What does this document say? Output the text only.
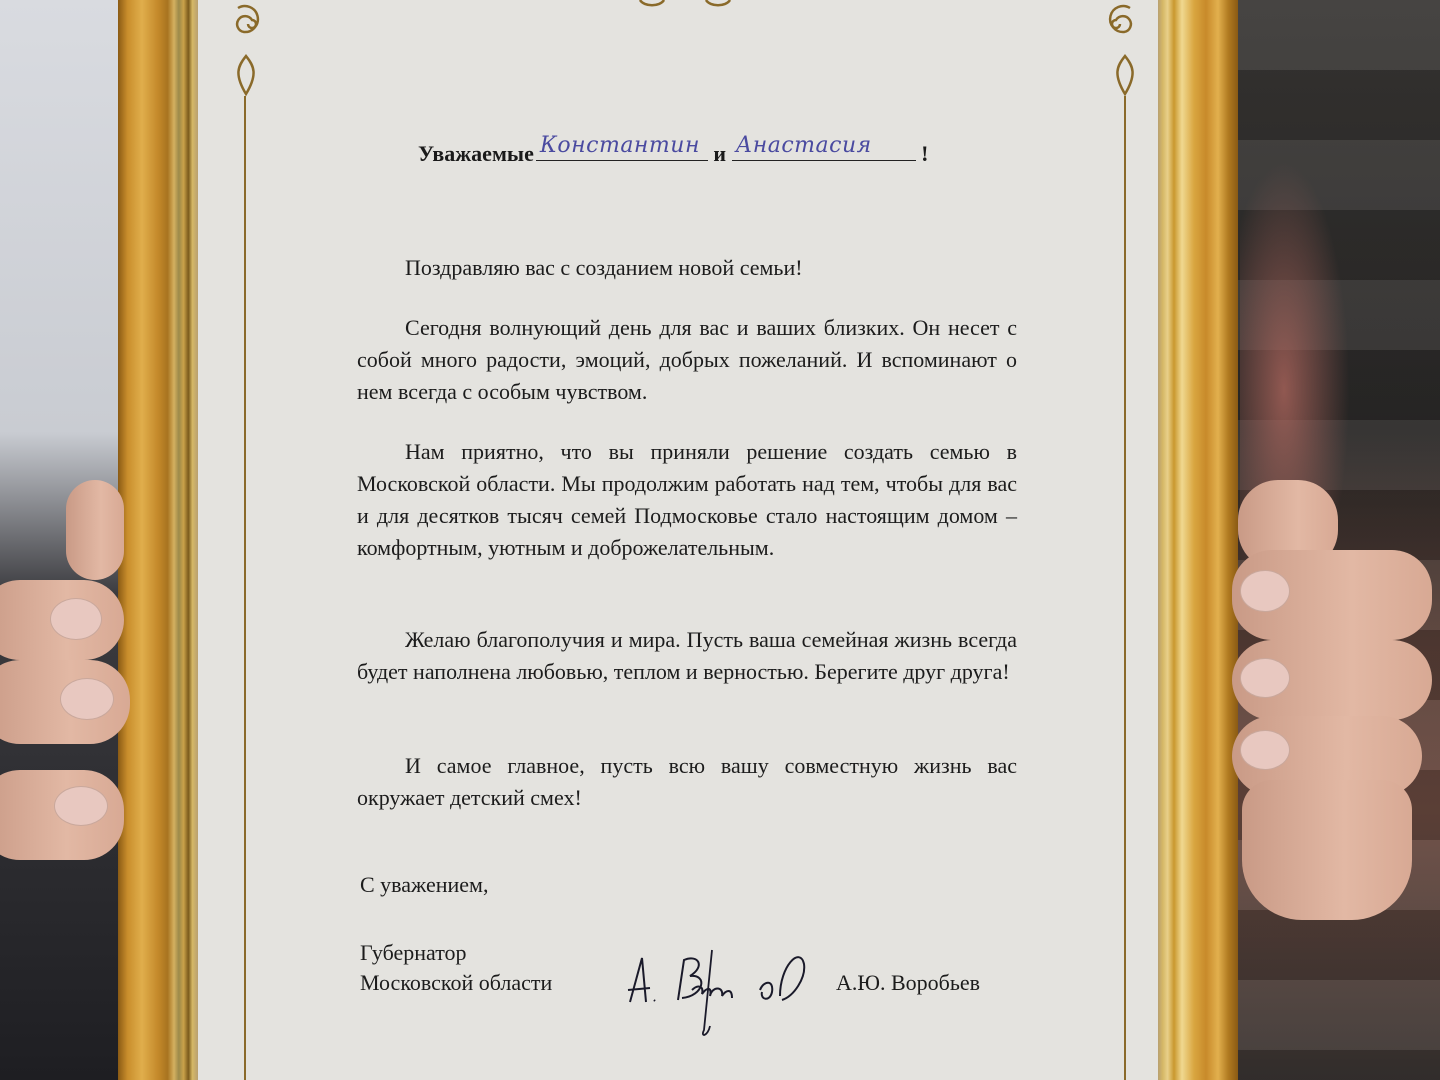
Уважаемые Константин и Анастасия !

Поздравляю вас с созданием новой семьи!

Сегодня волнующий день для вас и ваших близких. Он несет с собой много радости, эмоций, добрых пожеланий. И вспоминают о нем всегда с особым чувством.

Нам приятно, что вы приняли решение создать семью в Московской области. Мы продолжим работать над тем, чтобы для вас и для десятков тысяч семей Подмосковье стало настоящим домом – комфортным, уютным и доброжелательным.

Желаю благополучия и мира. Пусть ваша семейная жизнь всегда будет наполнена любовью, теплом и верностью. Берегите друг друга!

И самое главное, пусть всю вашу совместную жизнь вас окружает детский смех!

С уважением,
Губернатор
Московской области	А.Ю. Воробьев
